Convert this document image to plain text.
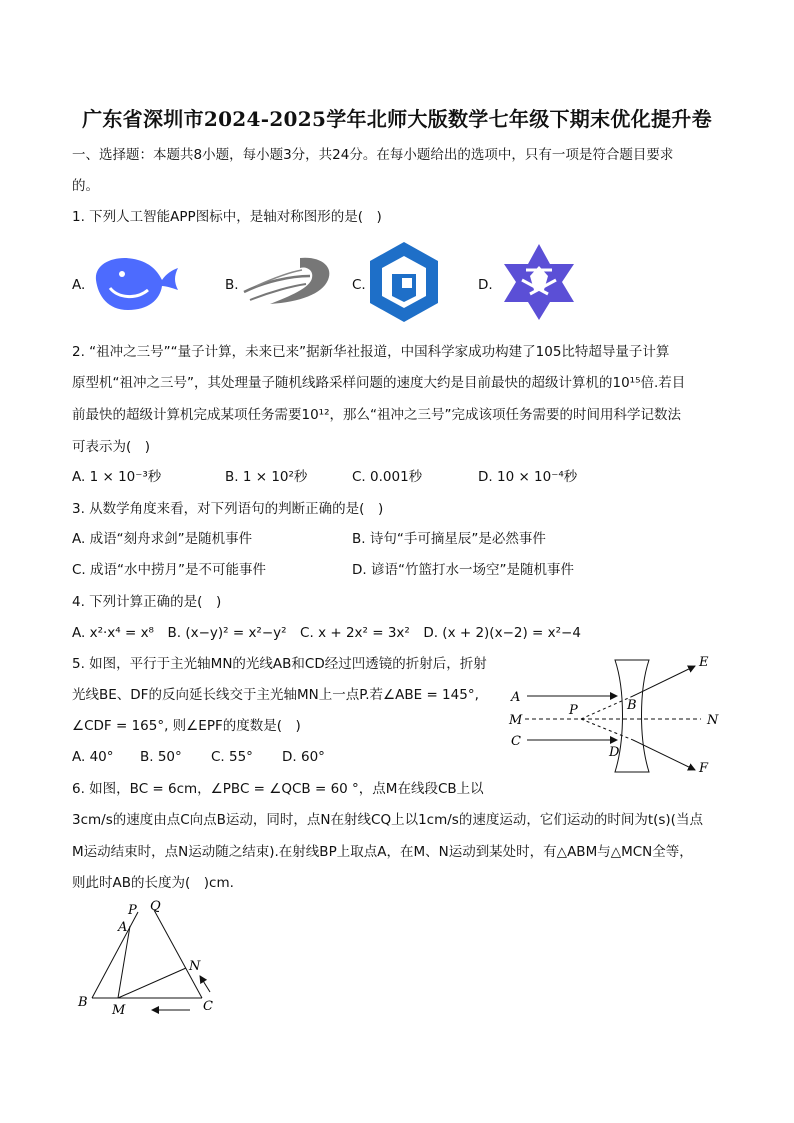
广东省深圳市2024-2025学年北师大版数学七年级下期末优化提升卷
一、选择题：本题共8小题，每小题3分，共24分。在每小题给出的选项中，只有一项是符合题目要求
的。
1. 下列人工智能APP图标中，是轴对称图形的是(　)
A.	B.	C.	D.
2. “祖冲之三号”“量子计算，未来已来”据新华社报道，中国科学家成功构建了105比特超导量子计算
原型机“祖冲之三号”，其处理量子随机线路采样问题的速度大约是目前最快的超级计算机的10¹⁵倍.若目
前最快的超级计算机完成某项任务需要10¹²，那么“祖冲之三号”完成该项任务需要的时间用科学记数法
可表示为(　)
A. 1 × 10⁻³秒	B. 1 × 10²秒	C. 0.001秒	D. 10 × 10⁻⁴秒
3. 从数学角度来看，对下列语句的判断正确的是(　)
A. 成语“刻舟求剑”是随机事件	B. 诗句“手可摘星辰”是必然事件
C. 成语“水中捞月”是不可能事件	D. 谚语“竹篮打水一场空”是随机事件
4. 下列计算正确的是(　)
A. x²·x⁴ = x⁸　B. (x−y)² = x²−y²　C. x + 2x² = 3x²　D. (x + 2)(x−2) = x²−4
5. 如图，平行于主光轴MN的光线AB和CD经过凹透镜的折射后，折射
光线BE、DF的反向延长线交于主光轴MN上一点P.若∠ABE = 145°,
∠CDF = 165°, 则∠EPF的度数是(　)
A. 40° B. 50° C. 55° D. 60°
A
C
M	N
P	B
D
E
F
6. 如图，BC = 6cm，∠PBC = ∠QCB = 60 °，点M在线段CB上以
3cm/s的速度由点C向点B运动，同时，点N在射线CQ上以1cm/s的速度运动，它们运动的时间为t(s)(当点
M运动结束时，点N运动随之结束).在射线BP上取点A，在M、N运动到某处时，有△ABM与△MCN全等，
则此时AB的长度为(　)cm.
P Q
A
N
B
M	C
